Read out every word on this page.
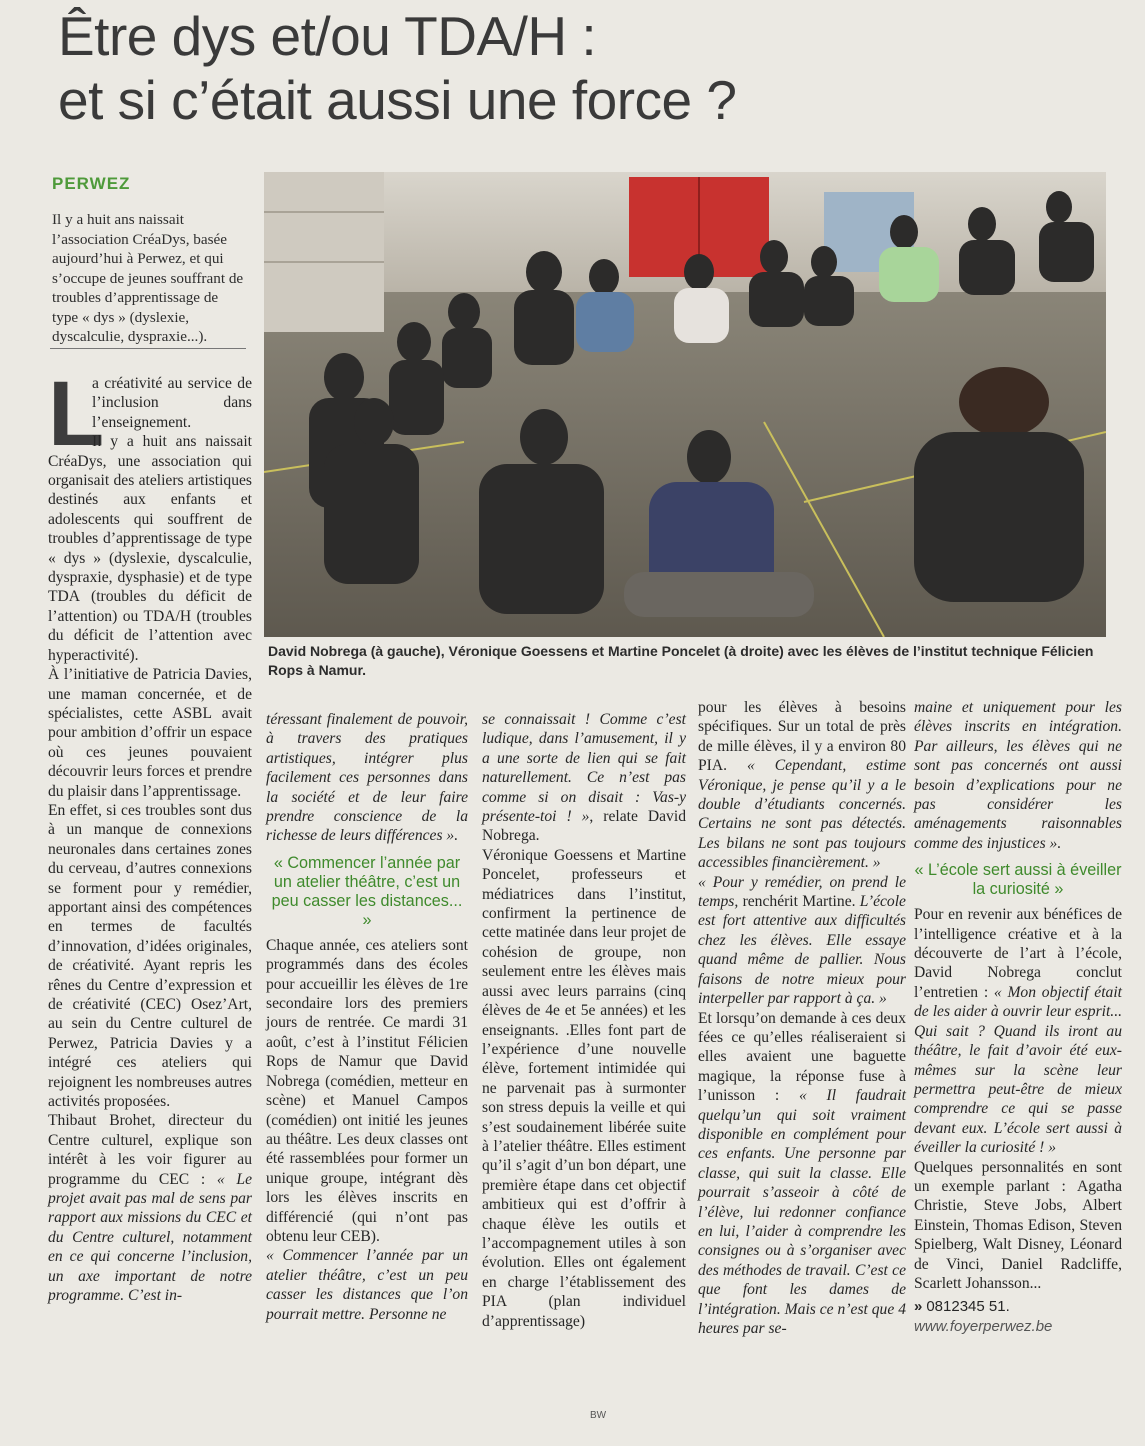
Être dys et/ou TDA/H :
et si c’était aussi une force ?
PERWEZ
Il y a huit ans naissait l’association CréaDys, basée aujourd’hui à Perwez, et qui s’occupe de jeunes souffrant de troubles d’apprentissage de type « dys » (dyslexie, dyscalculie, dyspraxie...).
David Nobrega (à gauche), Véronique Goessens et Martine Poncelet (à droite) avec les élèves de l’institut technique Félicien Rops à Namur.

L
a créativité au service de l’inclusion dans l’enseignement.

Il y a huit ans naissait CréaDys, une association qui organisait des ateliers artistiques destinés aux enfants et adolescents qui souffrent de troubles d’apprentissage de type « dys » (dyslexie, dyscalculie, dyspraxie, dysphasie) et de type TDA (troubles du déficit de l’attention) ou TDA/H (troubles du déficit de l’attention avec hyperactivité).

À l’initiative de Patricia Davies, une maman concernée, et de spécialistes, cette ASBL avait pour ambition d’offrir un espace où ces jeunes pouvaient découvrir leurs forces et prendre du plaisir dans l’apprentissage.

En effet, si ces troubles sont dus à un manque de connexions neuronales dans certaines zones du cerveau, d’autres connexions se forment pour y remédier, apportant ainsi des compétences en termes de facultés d’innovation, d’idées originales, de créativité. Ayant repris les rênes du Centre d’expression et de créativité (CEC) Osez’Art, au sein du Centre culturel de Perwez, Patricia Davies y a intégré ces ateliers qui rejoignent les nombreuses autres activités proposées.

Thibaut Brohet, directeur du Centre culturel, explique son intérêt à les voir figurer au programme du CEC : « Le projet avait pas mal de sens par rapport aux missions du CEC et du Centre culturel, notamment en ce qui concerne l’inclusion, un axe important de notre programme. C’est in-

téressant finalement de pouvoir, à travers des pratiques artistiques, intégrer plus facilement ces personnes dans la société et de leur faire prendre conscience de la richesse de leurs différences ».

« Commencer l’année par un atelier théâtre, c’est un peu casser les distances... »

Chaque année, ces ateliers sont programmés dans des écoles pour accueillir les élèves de 1re secondaire lors des premiers jours de rentrée. Ce mardi 31 août, c’est à l’institut Félicien Rops de Namur que David Nobrega (comédien, metteur en scène) et Manuel Campos (comédien) ont initié les jeunes au théâtre. Les deux classes ont été rassemblées pour former un unique groupe, intégrant dès lors les élèves inscrits en différencié (qui n’ont pas obtenu leur CEB).

« Commencer l’année par un atelier théâtre, c’est un peu casser les distances que l’on pourrait mettre. Personne ne

se connaissait ! Comme c’est ludique, dans l’amusement, il y a une sorte de lien qui se fait naturellement. Ce n’est pas comme si on disait : Vas-y présente-toi ! », relate David Nobrega.

Véronique Goessens et Martine Poncelet, professeurs et médiatrices dans l’institut, confirment la pertinence de cette matinée dans leur projet de cohésion de groupe, non seulement entre les élèves mais aussi avec leurs parrains (cinq élèves de 4e et 5e années) et les enseignants. .Elles font part de l’expérience d’une nouvelle élève, fortement intimidée qui ne parvenait pas à surmonter son stress depuis la veille et qui s’est soudainement libérée suite à l’atelier théâtre. Elles estiment qu’il s’agit d’un bon départ, une première étape dans cet objectif ambitieux qui est d’offrir à chaque élève les outils et l’accompagnement utiles à son évolution. Elles ont également en charge l’établissement des PIA (plan individuel d’apprentissage)

pour les élèves à besoins spécifiques. Sur un total de près de mille élèves, il y a environ 80 PIA. « Cependant, estime Véronique, je pense qu’il y a le double d’étudiants concernés. Certains ne sont pas détectés. Les bilans ne sont pas toujours accessibles financièrement. »

« Pour y remédier, on prend le temps, renchérit Martine. L’école est fort attentive aux difficultés chez les élèves. Elle essaye quand même de pallier. Nous faisons de notre mieux pour interpeller par rapport à ça. »

Et lorsqu’on demande à ces deux fées ce qu’elles réaliseraient si elles avaient une baguette magique, la réponse fuse à l’unisson : « Il faudrait quelqu’un qui soit vraiment disponible en complément pour ces enfants. Une personne par classe, qui suit la classe. Elle pourrait s’asseoir à côté de l’élève, lui redonner confiance en lui, l’aider à comprendre les consignes ou à s’organiser avec des méthodes de travail. C’est ce que font les dames de l’intégration. Mais ce n’est que 4 heures par se-

maine et uniquement pour les élèves inscrits en intégration. Par ailleurs, les élèves qui ne sont pas concernés ont aussi besoin d’explications pour ne pas considérer les aménagements raisonnables comme des injustices ».

« L’école sert aussi à éveiller la curiosité »

Pour en revenir aux bénéfices de l’intelligence créative et à la découverte de l’art à l’école, David Nobrega conclut l’entretien : « Mon objectif était de les aider à ouvrir leur esprit... Qui sait ? Quand ils iront au théâtre, le fait d’avoir été eux-mêmes sur la scène leur permettra peut-être de mieux comprendre ce qui se passe devant eux. L’école sert aussi à éveiller la curiosité ! »

Quelques personnalités en sont un exemple parlant : Agatha Christie, Steve Jobs, Albert Einstein, Thomas Edison, Steven Spielberg, Walt Disney, Léonard de Vinci, Daniel Radcliffe, Scarlett Johansson...

» 0812345 51.
www.foyerperwez.be
BW
